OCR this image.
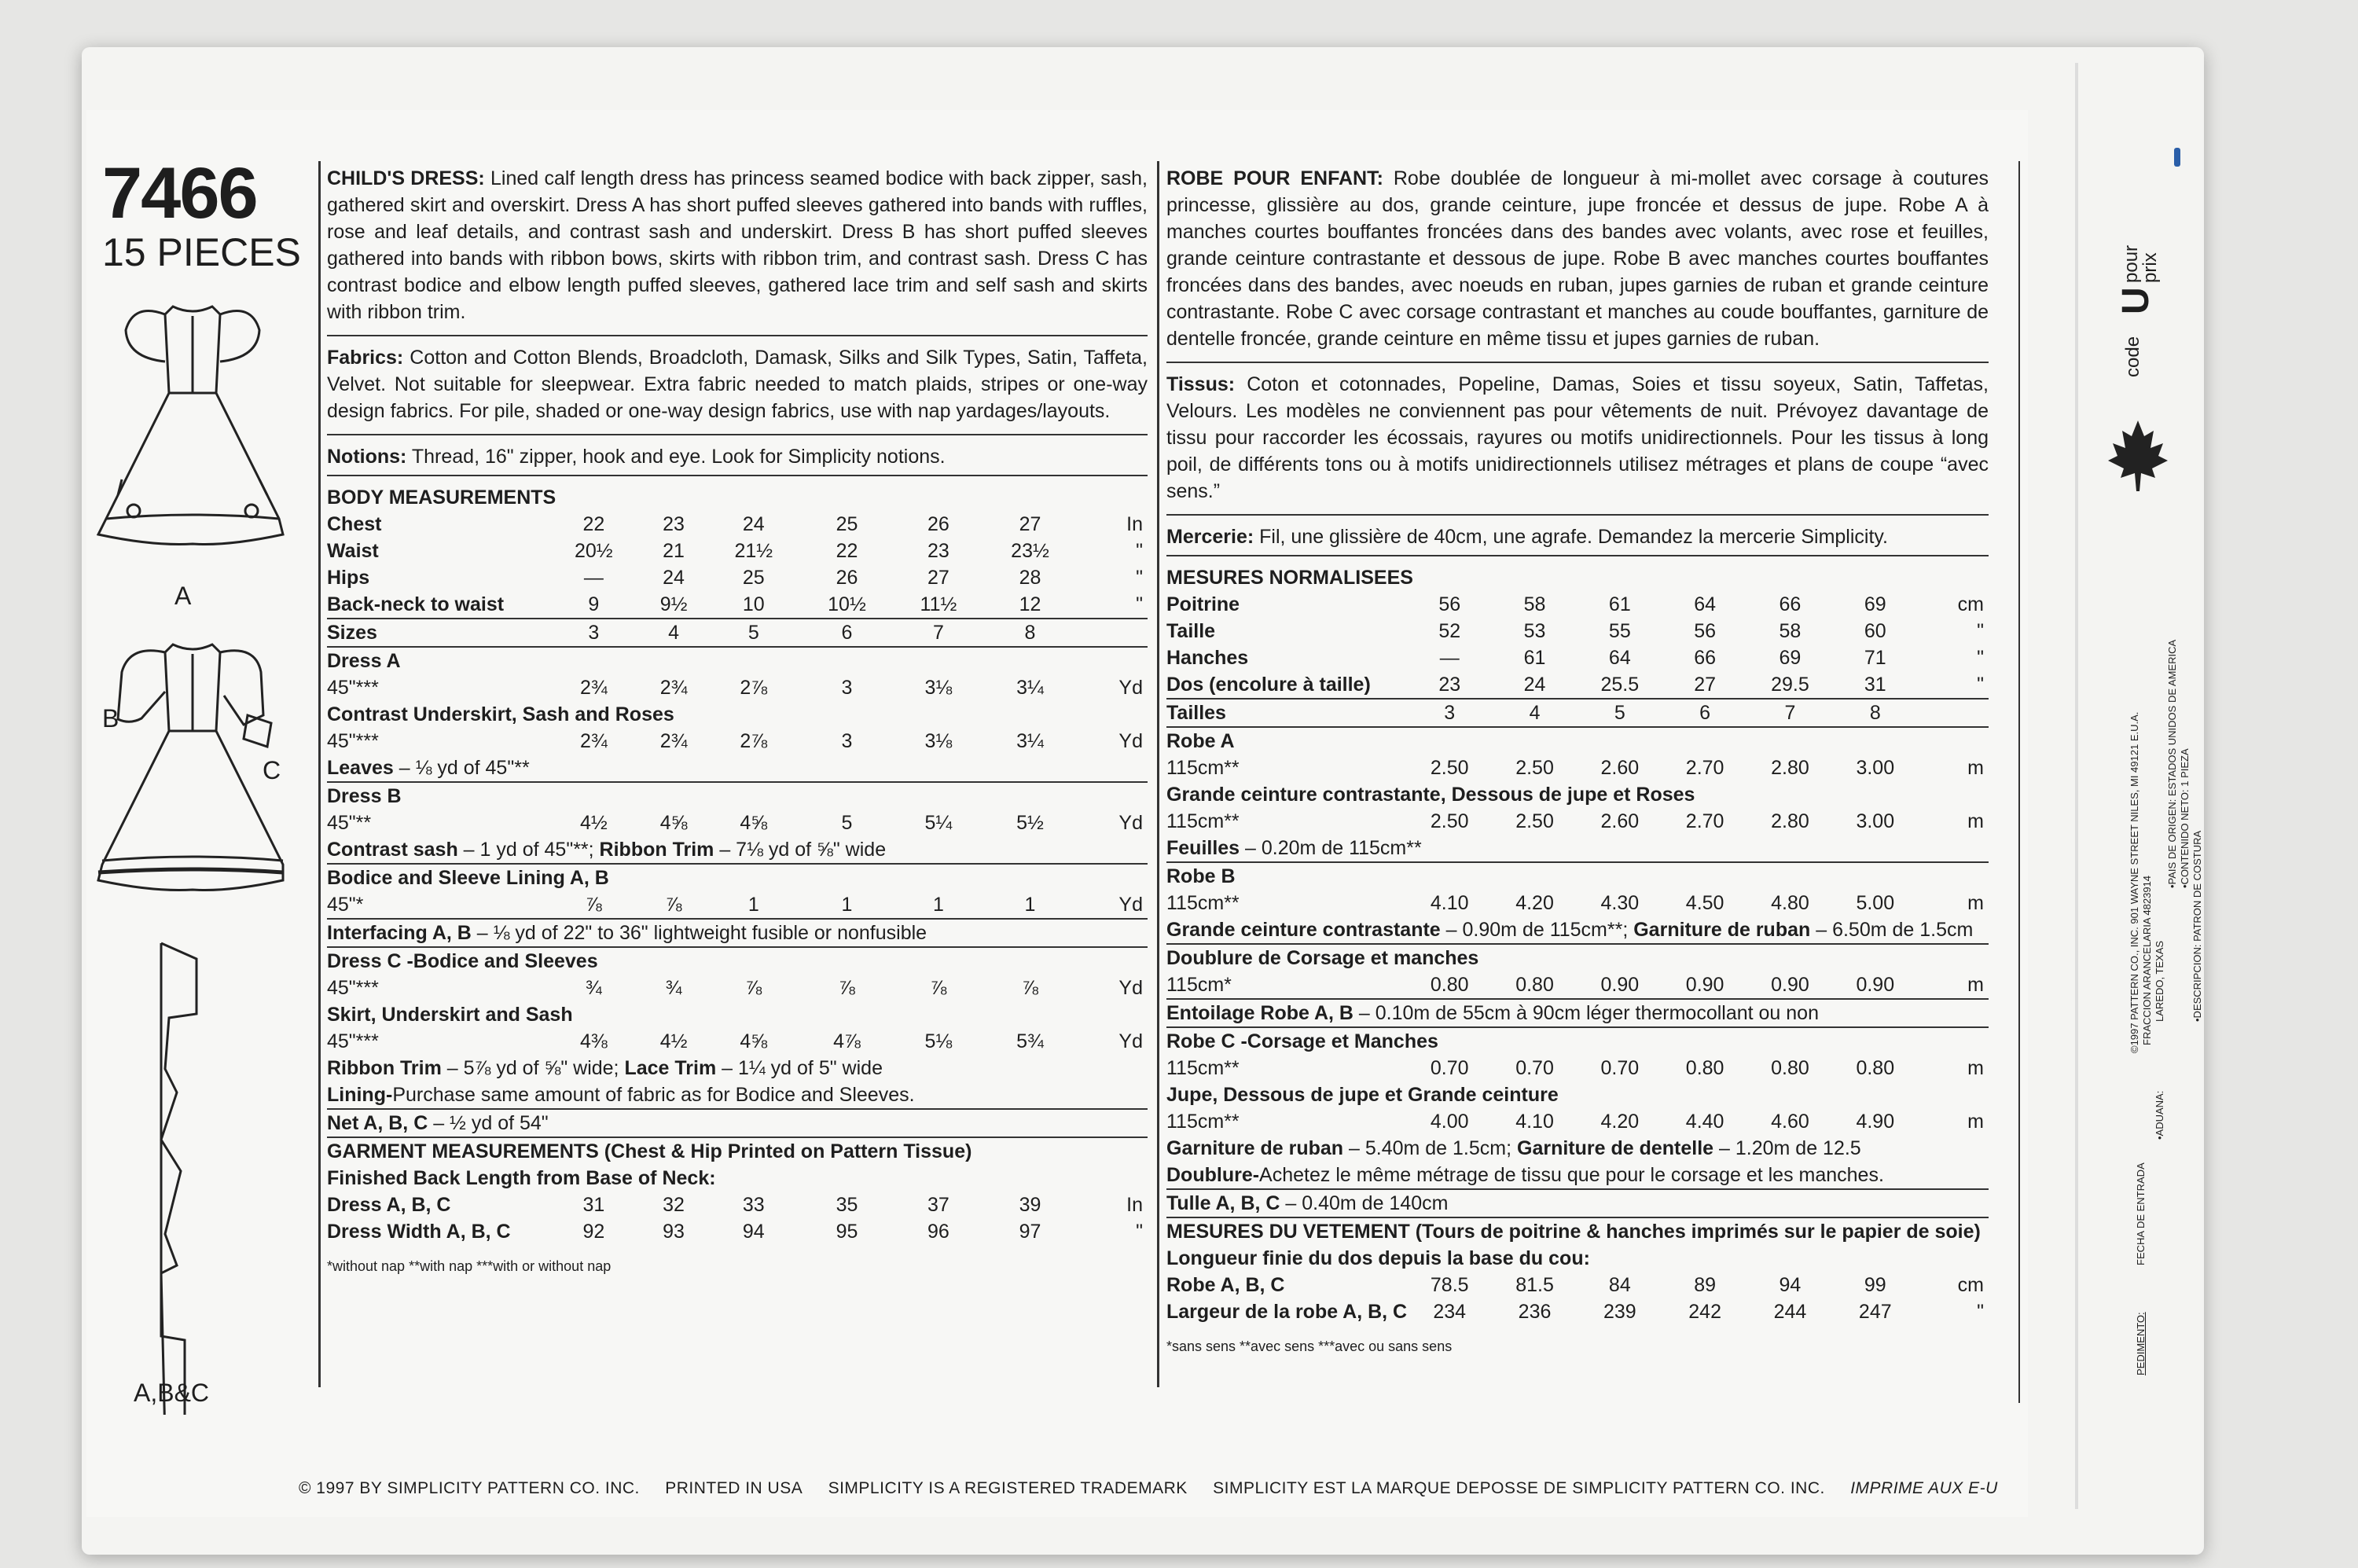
7466
15 PIECES
A
B
C
A,B&C

CHILD'S DRESS: Lined calf length dress has princess seamed bodice with back zipper, sash, gathered skirt and overskirt. Dress A has short puffed sleeves gathered into bands with ruffles, rose and leaf details, and contrast sash and underskirt. Dress B has short puffed sleeves gathered into bands with ribbon bows, skirts with ribbon trim, and contrast sash. Dress C has contrast bodice and elbow length puffed sleeves, gathered lace trim and self sash and skirts with ribbon trim.

Fabrics: Cotton and Cotton Blends, Broadcloth, Damask, Silks and Silk Types, Satin, Taffeta, Velvet. Not suitable for sleepwear. Extra fabric needed to match plaids, stripes or one-way design fabrics. For pile, shaded or one-way design fabrics, use with nap yardages/layouts.

Notions: Thread, 16" zipper, hook and eye. Look for Simplicity notions.
BODY MEASUREMENTS
Chest	22	23	24	25	26	27	In
Waist	20½	21	21½	22	23	23½	"
Hips	—	24	25	26	27	28	"
Back-neck to waist	9	9½	10	10½	11½	12	"
Sizes	3	4	5	6	7	8	
Dress A							
45"***	2¾	2¾	2⅞	3	3⅛	3¼	Yd
Contrast Underskirt, Sash and Roses							
45"***	2¾	2¾	2⅞	3	3⅛	3¼	Yd
Leaves – ⅛ yd of 45"**							
Dress B							
45"**	4½	4⅝	4⅝	5	5¼	5½	Yd
Contrast sash – 1 yd of 45"**; Ribbon Trim – 7⅛ yd of ⅝" wide							
Bodice and Sleeve Lining A, B							
45"*	⅞	⅞	1	1	1	1	Yd
Interfacing A, B – ⅛ yd of 22" to 36" lightweight fusible or nonfusible							
Dress C -Bodice and Sleeves							
45"***	¾	¾	⅞	⅞	⅞	⅞	Yd
Skirt, Underskirt and Sash							
45"***	4⅜	4½	4⅝	4⅞	5⅛	5¾	Yd
Ribbon Trim – 5⅞ yd of ⅝" wide; Lace Trim – 1¼ yd of 5" wide							
Lining-Purchase same amount of fabric as for Bodice and Sleeves.							
Net A, B, C – ½ yd of 54"							
GARMENT MEASUREMENTS (Chest & Hip Printed on Pattern Tissue)							
Finished Back Length from Base of Neck:							
Dress A, B, C	31	32	33	35	37	39	In
Dress Width A, B, C	92	93	94	95	96	97	"
*without nap **with nap ***with or without nap

ROBE POUR ENFANT: Robe doublée de longueur à mi-mollet avec corsage à coutures princesse, glissière au dos, grande ceinture, jupe froncée et dessus de jupe. Robe A à manches courtes bouffantes froncées dans des bandes avec volants, avec rose et feuilles, grande ceinture contrastante et dessous de jupe. Robe B avec manches courtes bouffantes froncées dans des bandes, avec noeuds en ruban, jupes garnies de ruban et grande ceinture contrastante. Robe C avec corsage contrastant et manches au coude bouffantes, garniture de dentelle froncée, grande ceinture en même tissu et jupes garnies de ruban.

Tissus: Coton et cotonnades, Popeline, Damas, Soies et tissu soyeux, Satin, Taffetas, Velours. Les modèles ne conviennent pas pour vêtements de nuit. Prévoyez davantage de tissu pour raccorder les écossais, rayures ou motifs unidirectionnels. Pour les tissus à long poil, de différents tons ou à motifs unidirectionnels utilisez métrages et plans de coupe “avec sens.”

Mercerie: Fil, une glissière de 40cm, une agrafe. Demandez la mercerie Simplicity.
MESURES NORMALISEES
Poitrine	56	58	61	64	66	69	cm
Taille	52	53	55	56	58	60	"
Hanches	—	61	64	66	69	71	"
Dos (encolure à taille)	23	24	25.5	27	29.5	31	"
Tailles	3	4	5	6	7	8	
Robe A							
115cm**	2.50	2.50	2.60	2.70	2.80	3.00	m
Grande ceinture contrastante, Dessous de jupe et Roses							
115cm**	2.50	2.50	2.60	2.70	2.80	3.00	m
Feuilles – 0.20m de 115cm**							
Robe B							
115cm**	4.10	4.20	4.30	4.50	4.80	5.00	m
Grande ceinture contrastante – 0.90m de 115cm**; Garniture de ruban – 6.50m de 1.5cm							
Doublure de Corsage et manches							
115cm*	0.80	0.80	0.90	0.90	0.90	0.90	m
Entoilage Robe A, B – 0.10m de 55cm à 90cm léger thermocollant ou non							
Robe C -Corsage et Manches							
115cm**	0.70	0.70	0.70	0.80	0.80	0.80	m
Jupe, Dessous de jupe et Grande ceinture							
115cm**	4.00	4.10	4.20	4.40	4.60	4.90	m
Garniture de ruban – 5.40m de 1.5cm; Garniture de dentelle – 1.20m de 12.5							
Doublure-Achetez le même métrage de tissu que pour le corsage et les manches.							
Tulle A, B, C – 0.40m de 140cm							
MESURES DU VETEMENT (Tours de poitrine & hanches imprimés sur le papier de soie)							
Longueur finie du dos depuis la base du cou:							
Robe A, B, C	78.5	81.5	84	89	94	99	cm
Largeur de la robe A, B, C	234	236	239	242	244	247	"
*sans sens **avec sens ***avec ou sans sens
© 1997 BY SIMPLICITY PATTERN CO. INC. PRINTED IN USA SIMPLICITY IS A REGISTERED TRADEMARK SIMPLICITY EST LA MARQUE DEPOSSE DE SIMPLICITY PATTERN CO. INC. IMPRIME AUX E-U
code
U
pour prix
©1997 PATTERN CO., INC. 901 WAYNE STREET NILES, MI 49121 E.U.A. FRACCION ARANCELARIA 4823914 LAREDO, TEXAS
•ADUANA:
•PAIS DE ORIGEN: ESTADOS UNIDOS DE AMERICA •CONTENIDO NETO: 1 PIEZA
•DESCRIPCION: PATRON DE COSTURA
FECHA DE ENTRADA
PEDIMENTO:
